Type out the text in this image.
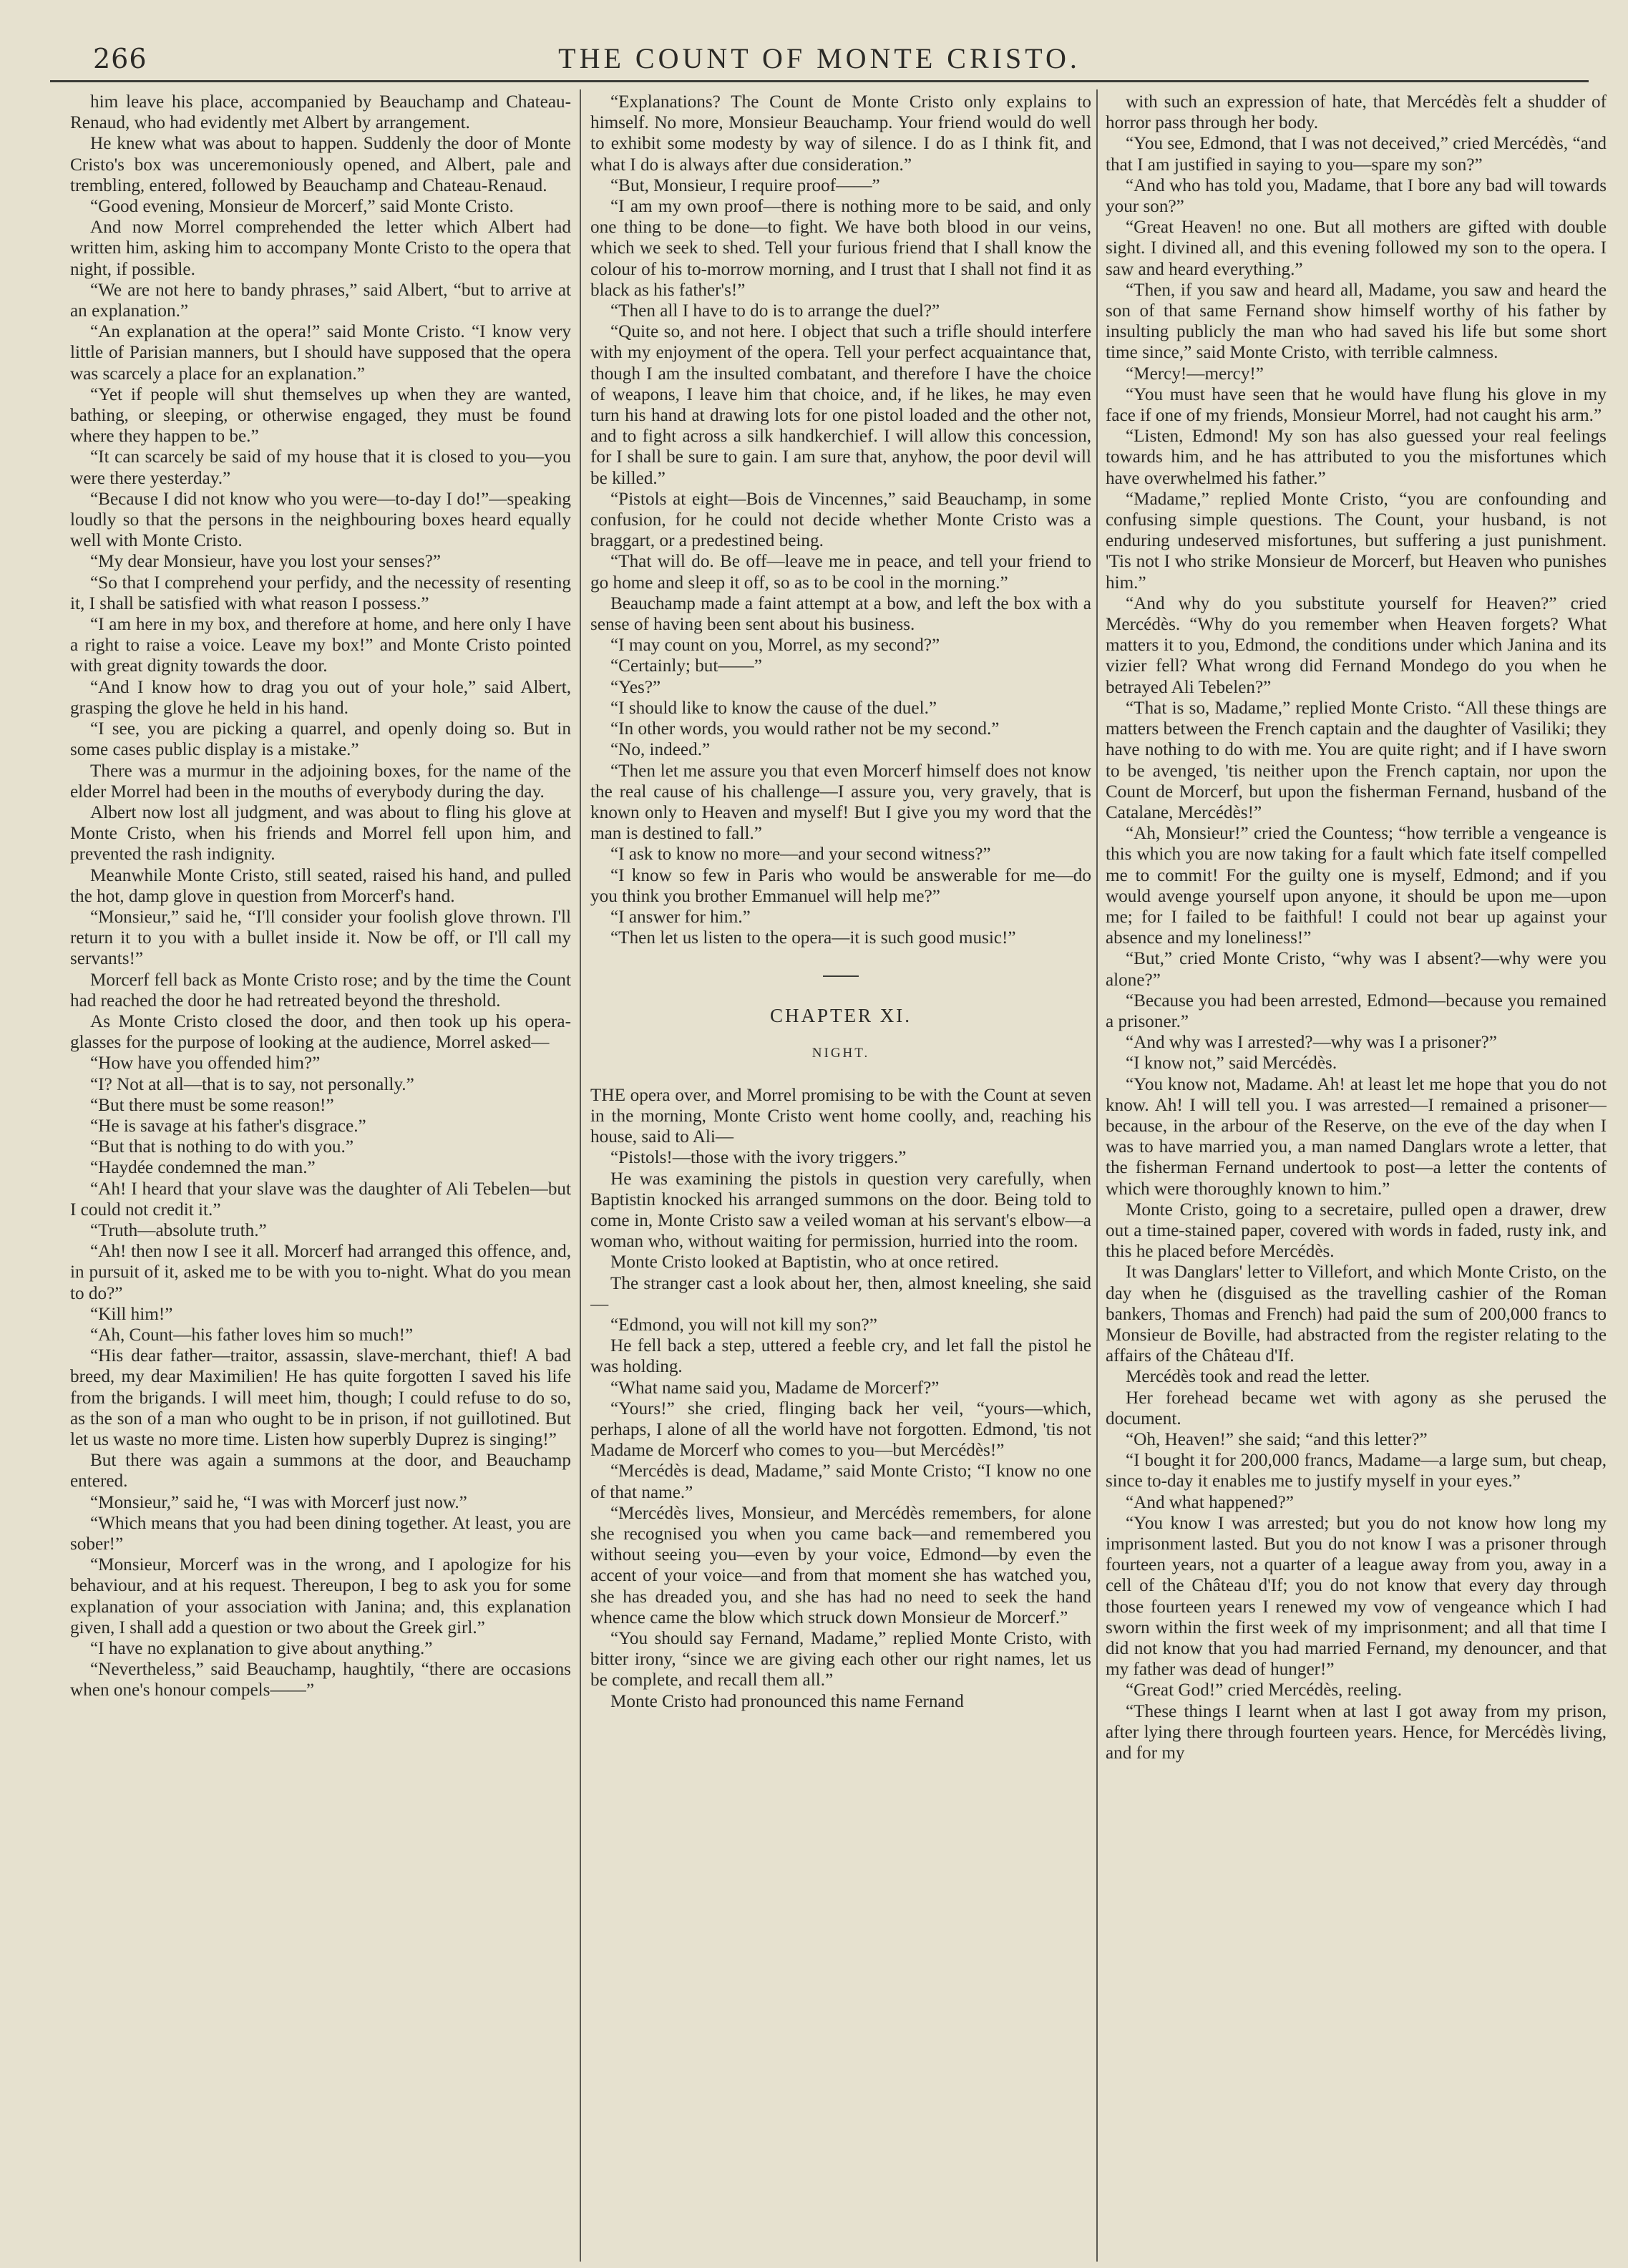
266	THE COUNT OF MONTE CRISTO.

him leave his place, accompanied by Beauchamp and Chateau-Renaud, who had evidently met Albert by arrangement.

He knew what was about to happen. Suddenly the door of Monte Cristo's box was unceremoniously opened, and Albert, pale and trembling, entered, followed by Beauchamp and Chateau-Renaud.

“Good evening, Monsieur de Morcerf,” said Monte Cristo.

And now Morrel comprehended the letter which Albert had written him, asking him to accompany Monte Cristo to the opera that night, if possible.

“We are not here to bandy phrases,” said Albert, “but to arrive at an explanation.”

“An explanation at the opera!” said Monte Cristo. “I know very little of Parisian manners, but I should have supposed that the opera was scarcely a place for an explanation.”

“Yet if people will shut themselves up when they are wanted, bathing, or sleeping, or otherwise engaged, they must be found where they happen to be.”

“It can scarcely be said of my house that it is closed to you—you were there yesterday.”

“Because I did not know who you were—to-day I do!”—speaking loudly so that the persons in the neighbouring boxes heard equally well with Monte Cristo.

“My dear Monsieur, have you lost your senses?”

“So that I comprehend your perfidy, and the necessity of resenting it, I shall be satisfied with what reason I possess.”

“I am here in my box, and therefore at home, and here only I have a right to raise a voice. Leave my box!” and Monte Cristo pointed with great dignity towards the door.

“And I know how to drag you out of your hole,” said Albert, grasping the glove he held in his hand.

“I see, you are picking a quarrel, and openly doing so. But in some cases public display is a mistake.”

There was a murmur in the adjoining boxes, for the name of the elder Morrel had been in the mouths of everybody during the day.

Albert now lost all judgment, and was about to fling his glove at Monte Cristo, when his friends and Morrel fell upon him, and prevented the rash indignity.

Meanwhile Monte Cristo, still seated, raised his hand, and pulled the hot, damp glove in question from Morcerf's hand.

“Monsieur,” said he, “I'll consider your foolish glove thrown. I'll return it to you with a bullet inside it. Now be off, or I'll call my servants!”

Morcerf fell back as Monte Cristo rose; and by the time the Count had reached the door he had retreated beyond the threshold.

As Monte Cristo closed the door, and then took up his opera-glasses for the purpose of looking at the audience, Morrel asked—

“How have you offended him?”

“I? Not at all—that is to say, not personally.”

“But there must be some reason!”

“He is savage at his father's disgrace.”

“But that is nothing to do with you.”

“Haydée condemned the man.”

“Ah! I heard that your slave was the daughter of Ali Tebelen—but I could not credit it.”

“Truth—absolute truth.”

“Ah! then now I see it all. Morcerf had arranged this offence, and, in pursuit of it, asked me to be with you to-night. What do you mean to do?”

“Kill him!”

“Ah, Count—his father loves him so much!”

“His dear father—traitor, assassin, slave-merchant, thief! A bad breed, my dear Maximilien! He has quite forgotten I saved his life from the brigands. I will meet him, though; I could refuse to do so, as the son of a man who ought to be in prison, if not guillotined. But let us waste no more time. Listen how superbly Duprez is singing!”

But there was again a summons at the door, and Beauchamp entered.

“Monsieur,” said he, “I was with Morcerf just now.”

“Which means that you had been dining together. At least, you are sober!”

“Monsieur, Morcerf was in the wrong, and I apologize for his behaviour, and at his request. Thereupon, I beg to ask you for some explanation of your association with Janina; and, this explanation given, I shall add a question or two about the Greek girl.”

“I have no explanation to give about anything.”

“Nevertheless,” said Beauchamp, haughtily, “there are occasions when one's honour compels——”

“Explanations? The Count de Monte Cristo only explains to himself. No more, Monsieur Beauchamp. Your friend would do well to exhibit some modesty by way of silence. I do as I think fit, and what I do is always after due consideration.”

“But, Monsieur, I require proof——”

“I am my own proof—there is nothing more to be said, and only one thing to be done—to fight. We have both blood in our veins, which we seek to shed. Tell your furious friend that I shall know the colour of his to-morrow morning, and I trust that I shall not find it as black as his father's!”

“Then all I have to do is to arrange the duel?”

“Quite so, and not here. I object that such a trifle should interfere with my enjoyment of the opera. Tell your perfect acquaintance that, though I am the insulted combatant, and therefore I have the choice of weapons, I leave him that choice, and, if he likes, he may even turn his hand at drawing lots for one pistol loaded and the other not, and to fight across a silk handkerchief. I will allow this concession, for I shall be sure to gain. I am sure that, anyhow, the poor devil will be killed.”

“Pistols at eight—Bois de Vincennes,” said Beauchamp, in some confusion, for he could not decide whether Monte Cristo was a braggart, or a predestined being.

“That will do. Be off—leave me in peace, and tell your friend to go home and sleep it off, so as to be cool in the morning.”

Beauchamp made a faint attempt at a bow, and left the box with a sense of having been sent about his business.

“I may count on you, Morrel, as my second?”

“Certainly; but——”

“Yes?”

“I should like to know the cause of the duel.”

“In other words, you would rather not be my second.”

“No, indeed.”

“Then let me assure you that even Morcerf himself does not know the real cause of his challenge—I assure you, very gravely, that is known only to Heaven and myself! But I give you my word that the man is destined to fall.”

“I ask to know no more—and your second witness?”

“I know so few in Paris who would be answerable for me—do you think you brother Emmanuel will help me?”

“I answer for him.”

“Then let us listen to the opera—it is such good music!”

CHAPTER XI.
NIGHT.

THE opera over, and Morrel promising to be with the Count at seven in the morning, Monte Cristo went home coolly, and, reaching his house, said to Ali—

“Pistols!—those with the ivory triggers.”

He was examining the pistols in question very carefully, when Baptistin knocked his arranged summons on the door. Being told to come in, Monte Cristo saw a veiled woman at his servant's elbow—a woman who, without waiting for permission, hurried into the room.

Monte Cristo looked at Baptistin, who at once retired.

The stranger cast a look about her, then, almost kneeling, she said—

“Edmond, you will not kill my son?”

He fell back a step, uttered a feeble cry, and let fall the pistol he was holding.

“What name said you, Madame de Morcerf?”

“Yours!” she cried, flinging back her veil, “yours—which, perhaps, I alone of all the world have not forgotten. Edmond, 'tis not Madame de Morcerf who comes to you—but Mercédès!”

“Mercédès is dead, Madame,” said Monte Cristo; “I know no one of that name.”

“Mercédès lives, Monsieur, and Mercédès remembers, for alone she recognised you when you came back—and remembered you without seeing you—even by your voice, Edmond—by even the accent of your voice—and from that moment she has watched you, she has dreaded you, and she has had no need to seek the hand whence came the blow which struck down Monsieur de Morcerf.”

“You should say Fernand, Madame,” replied Monte Cristo, with bitter irony, “since we are giving each other our right names, let us be complete, and recall them all.”

Monte Cristo had pronounced this name Fernand

with such an expression of hate, that Mercédès felt a shudder of horror pass through her body.

“You see, Edmond, that I was not deceived,” cried Mercédès, “and that I am justified in saying to you—spare my son?”

“And who has told you, Madame, that I bore any bad will towards your son?”

“Great Heaven! no one. But all mothers are gifted with double sight. I divined all, and this evening followed my son to the opera. I saw and heard everything.”

“Then, if you saw and heard all, Madame, you saw and heard the son of that same Fernand show himself worthy of his father by insulting publicly the man who had saved his life but some short time since,” said Monte Cristo, with terrible calmness.

“Mercy!—mercy!”

“You must have seen that he would have flung his glove in my face if one of my friends, Monsieur Morrel, had not caught his arm.”

“Listen, Edmond! My son has also guessed your real feelings towards him, and he has attributed to you the misfortunes which have overwhelmed his father.”

“Madame,” replied Monte Cristo, “you are confounding and confusing simple questions. The Count, your husband, is not enduring undeserved misfortunes, but suffering a just punishment. 'Tis not I who strike Monsieur de Morcerf, but Heaven who punishes him.”

“And why do you substitute yourself for Heaven?” cried Mercédès. “Why do you remember when Heaven forgets? What matters it to you, Edmond, the conditions under which Janina and its vizier fell? What wrong did Fernand Mondego do you when he betrayed Ali Tebelen?”

“That is so, Madame,” replied Monte Cristo. “All these things are matters between the French captain and the daughter of Vasiliki; they have nothing to do with me. You are quite right; and if I have sworn to be avenged, 'tis neither upon the French captain, nor upon the Count de Morcerf, but upon the fisherman Fernand, husband of the Catalane, Mercédès!”

“Ah, Monsieur!” cried the Countess; “how terrible a vengeance is this which you are now taking for a fault which fate itself compelled me to commit! For the guilty one is myself, Edmond; and if you would avenge yourself upon anyone, it should be upon me—upon me; for I failed to be faithful! I could not bear up against your absence and my loneliness!”

“But,” cried Monte Cristo, “why was I absent?—why were you alone?”

“Because you had been arrested, Edmond—because you remained a prisoner.”

“And why was I arrested?—why was I a prisoner?”

“I know not,” said Mercédès.

“You know not, Madame. Ah! at least let me hope that you do not know. Ah! I will tell you. I was arrested—I remained a prisoner—because, in the arbour of the Reserve, on the eve of the day when I was to have married you, a man named Danglars wrote a letter, that the fisherman Fernand undertook to post—a letter the contents of which were thoroughly known to him.”

Monte Cristo, going to a secretaire, pulled open a drawer, drew out a time-stained paper, covered with words in faded, rusty ink, and this he placed before Mercédès.

It was Danglars' letter to Villefort, and which Monte Cristo, on the day when he (disguised as the travelling cashier of the Roman bankers, Thomas and French) had paid the sum of 200,000 francs to Monsieur de Boville, had abstracted from the register relating to the affairs of the Château d'If.

Mercédès took and read the letter.

Her forehead became wet with agony as she perused the document.

“Oh, Heaven!” she said; “and this letter?”

“I bought it for 200,000 francs, Madame—a large sum, but cheap, since to-day it enables me to justify myself in your eyes.”

“And what happened?”

“You know I was arrested; but you do not know how long my imprisonment lasted. But you do not know I was a prisoner through fourteen years, not a quarter of a league away from you, away in a cell of the Château d'If; you do not know that every day through those fourteen years I renewed my vow of vengeance which I had sworn within the first week of my imprisonment; and all that time I did not know that you had married Fernand, my denouncer, and that my father was dead of hunger!”

“Great God!” cried Mercédès, reeling.

“These things I learnt when at last I got away from my prison, after lying there through fourteen years. Hence, for Mercédès living, and for my
